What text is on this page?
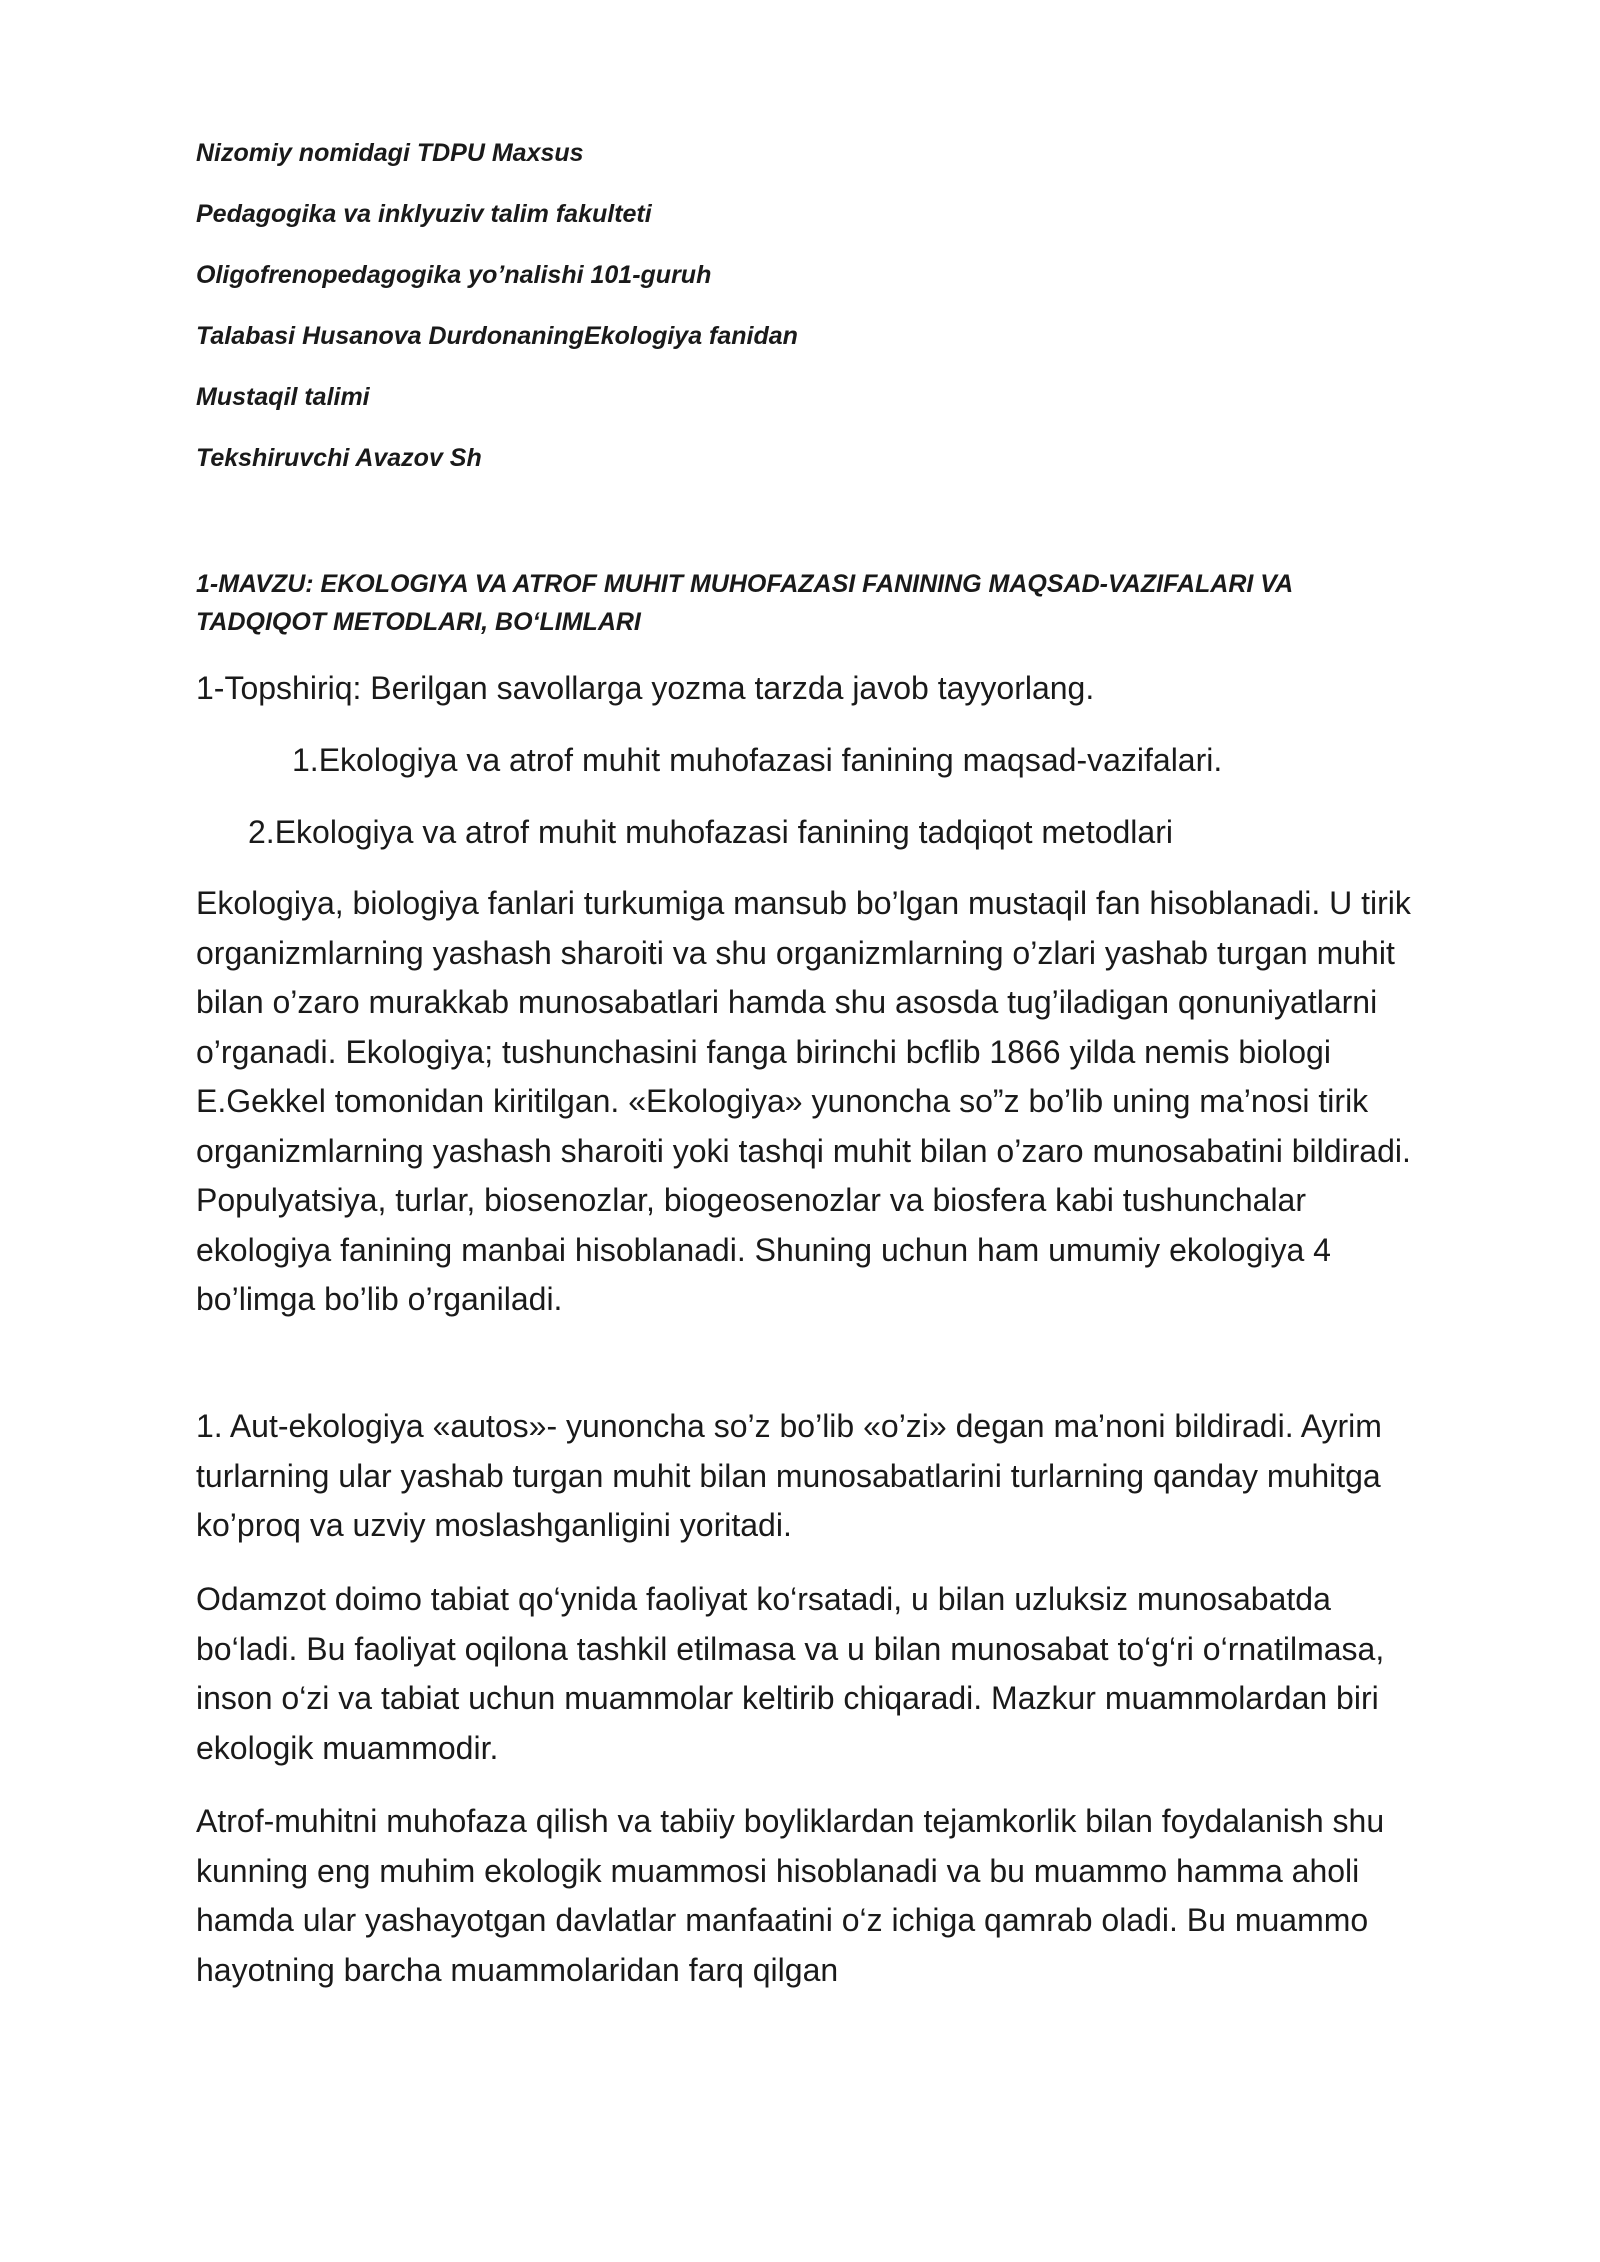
Nizomiy nomidagi TDPU Maxsus

Pedagogika va inklyuziv talim fakulteti

Oligofrenopedagogika yo’nalishi 101-guruh

Talabasi Husanova DurdonaningEkologiya fanidan

Mustaqil talimi

Tekshiruvchi Avazov Sh

1-MAVZU: EKOLOGIYA VA ATROF MUHIT MUHOFAZASI FANINING MAQSAD-VAZIFALARI VA TADQIQOT METODLARI, BO‘LIMLARI

1-Topshiriq: Berilgan savollarga yozma tarzda javob tayyorlang.

1.Ekologiya va atrof muhit muhofazasi fanining maqsad-vazifalari.

2.Ekologiya va atrof muhit muhofazasi fanining tadqiqot metodlari

Ekologiya, biologiya fanlari turkumiga mansub bo’lgan mustaqil fan hisoblanadi. U tirik organizmlarning yashash sharoiti va shu organizmlarning o’zlari yashab turgan muhit bilan o’zaro murakkab munosabatlari hamda shu asosda tug’iladigan qonuniyatlarni o’rganadi. Ekologiya; tushunchasini fanga birinchi bcflib 1866 yilda nemis biologi E.Gekkel tomonidan kiritilgan. «Ekologiya» yunoncha so”z bo’lib uning ma’nosi tirik organizmlarning yashash sharoiti yoki tashqi muhit bilan o’zaro munosabatini bildiradi. Populyatsiya, turlar, biosenozlar, biogeosenozlar va biosfera kabi tushunchalar ekologiya fanining manbai hisoblanadi. Shuning uchun ham umumiy ekologiya 4 bo’limga bo’lib o’rganiladi.

1. Aut-ekologiya «autos»- yunoncha so’z bo’lib «o’zi» degan ma’noni bildiradi. Ayrim turlarning ular yashab turgan muhit bilan munosabatlarini turlarning qanday muhitga ko’proq va uzviy moslashganligini yoritadi.

Odamzot doimo tabiat qo‘ynida faoliyat ko‘rsatadi, u bilan uzluksiz munosabatda bo‘ladi. Bu faoliyat oqilona tashkil etilmasa va u bilan munosabat to‘g‘ri o‘rnatilmasa, inson o‘zi va tabiat uchun muammolar keltirib chiqaradi. Mazkur muammolardan biri ekologik muammodir.

Atrof-muhitni muhofaza qilish va tabiiy boyliklardan tejamkorlik bilan foydalanish shu kunning eng muhim ekologik muammosi hisoblanadi va bu muammo hamma aholi hamda ular yashayotgan davlatlar manfaatini o‘z ichiga qamrab oladi. Bu muammo hayotning barcha muammolaridan farq qilgan
